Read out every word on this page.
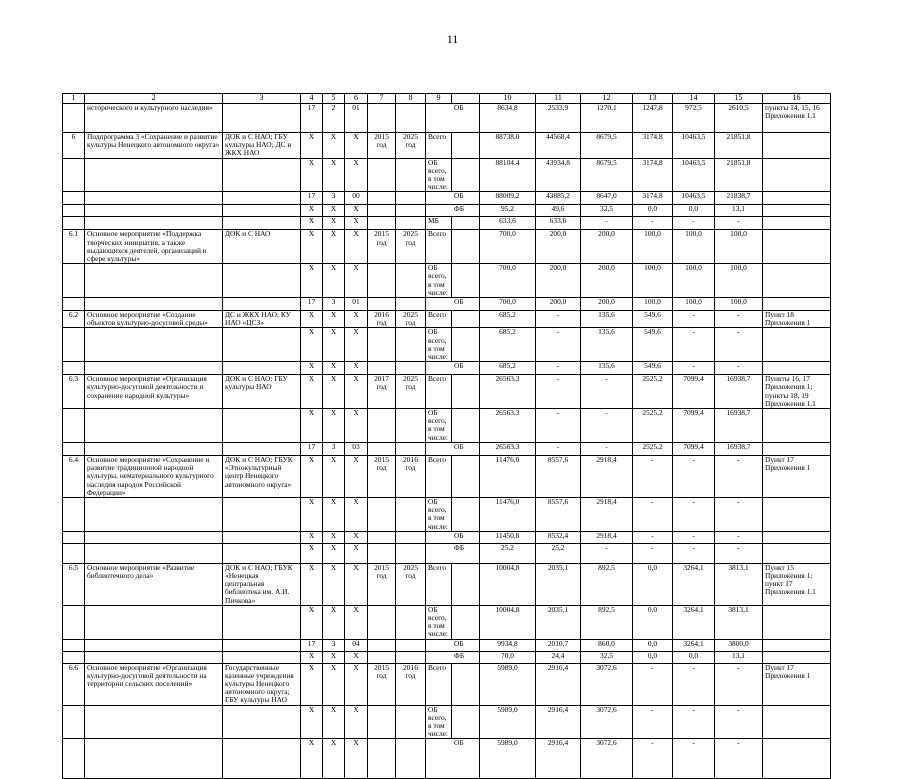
11
1	2	3	4	5	6	7	8	9		10	11	12	13	14	15	16
	исторического и культурного наследия»		17	2	01				ОБ	8634,8	2533,9	1270,1	1247,8	972,5	2610,5	пункты 14, 15, 16 Приложения 1.1
6	Подпрограмма 3 «Сохранение и развитие культуры Ненецкого автономного округа»	ДОК и С НАО; ГБУ культуры НАО; ДС и ЖКХ НАО	Х	Х	Х	2015 год	2025 год	Всего		88738,0	44568,4	8679,5	3174,8	10463,5	21851,8	
			Х	Х	Х			ОБ всего, в том числе:		88104,4	43934,8	8679,5	3174,8	10463,5	21851,8	
			17	3	00				ОБ	88009,2	43885,2	8647,0	3174,8	10463,5	21838,7	
			Х	Х	Х				ФБ	95,2	49,6	32,5	0,0	0,0	13,1	
			Х	Х	Х			МБ		633,6	633,6	-	-	-	-	
6.1	Основное мероприятие «Поддержка творческих инициатив, а также выдающихся деятелей, организаций в сфере культуры»	ДОК и С НАО	Х	Х	Х	2015 год	2025 год	Всего		700,0	200,0	200,0	100,0	100,0	100,0	
			Х	Х	Х			ОБ всего, в том числе:		700,0	200,0	200,0	100,0	100,0	100,0	
			17	3	01				ОБ	700,0	200,0	200,0	100,0	100,0	100,0	
6.2	Основное мероприятие «Создание объектов культурно-досуговой среды»	ДС и ЖКХ НАО; КУ НАО «ЦСЗ»	Х	Х	Х	2016 год	2025 год	Всего		685,2	-	135,6	549,6	-	-	Пункт 18 Приложения 1
			Х	Х	Х			ОБ всего, в том числе:		685,2	-	135,6	549,6	-	-	
			Х	Х	Х				ОБ	685,2	-	135,6	549,6	-	-	
6.3	Основное мероприятие «Организация культурно-досуговой деятельности и сохранение народной культуры»	ДОК и С НАО; ГБУ культуры НАО	Х	Х	Х	2017 год	2025 год	Всего		26563,3	-	-	2525,2	7099,4	16938,7	Пункты 16, 17 Приложения 1; пункты 18, 19 Приложения 1.1
			Х	Х	Х			ОБ всего, в том числе:		26563,3	-	-	2525,2	7099,4	16938,7	
			17	3	03				ОБ	26563,3	-	-	2525,2	7099,4	16938,7	
6.4	Основное мероприятие «Сохранение и развитие традиционной народной культуры, нематериального культурного наследия народов Российской Федерации»	ДОК и С НАО; ГБУК «Этнокультурный центр Ненецкого автономного округа»	Х	Х	Х	2015 год	2016 год	Всего		11476,0	8557,6	2918,4	-	-	-	Пункт 17 Приложения 1
			Х	Х	Х			ОБ всего, в том числе:		11476,0	8557,6	2918,4	-	-	-	
			Х	Х	Х				ОБ	11450,8	8532,4	2918,4	-	-	-	
			Х	Х	Х				ФБ	25,2	25,2	-	-	-	-	
6.5	Основное мероприятие «Развитие библиотечного дела»	ДОК и С НАО; ГБУК «Ненецкая центральная библиотека им. А.И. Пичкова»	Х	Х	Х	2015 год	2025 год	Всего		10004,8	2035,1	892,5	0,0	3264,1	3813,1	Пункт 15 Приложения 1; пункт 17 Приложения 1.1
			Х	Х	Х			ОБ всего, в том числе:		10004,8	2035,1	892,5	0,0	3264,1	3813,1	
			17	3	04				ОБ	9934,8	2010,7	860,0	0,0	3264,1	3800,0	
			Х	Х	Х				ФБ	70,0	24,4	32,5	0,0	0,0	13,1	
6.6	Основное мероприятие «Организация культурно-досуговой деятельности на территории сельских поселений»	Государственные казенные учреждения культуры Ненецкого автономного округа; ГБУ культуры НАО	Х	Х	Х	2015 год	2016 год	Всего		5989,0	2916,4	3072,6	-	-	-	Пункт 17 Приложения 1
			Х	Х	Х			ОБ всего, в том числе:		5989,0	2916,4	3072,6	-	-	-	
			Х	Х	Х				ОБ	5989,0	2916,4	3072,6	-	-	-	
